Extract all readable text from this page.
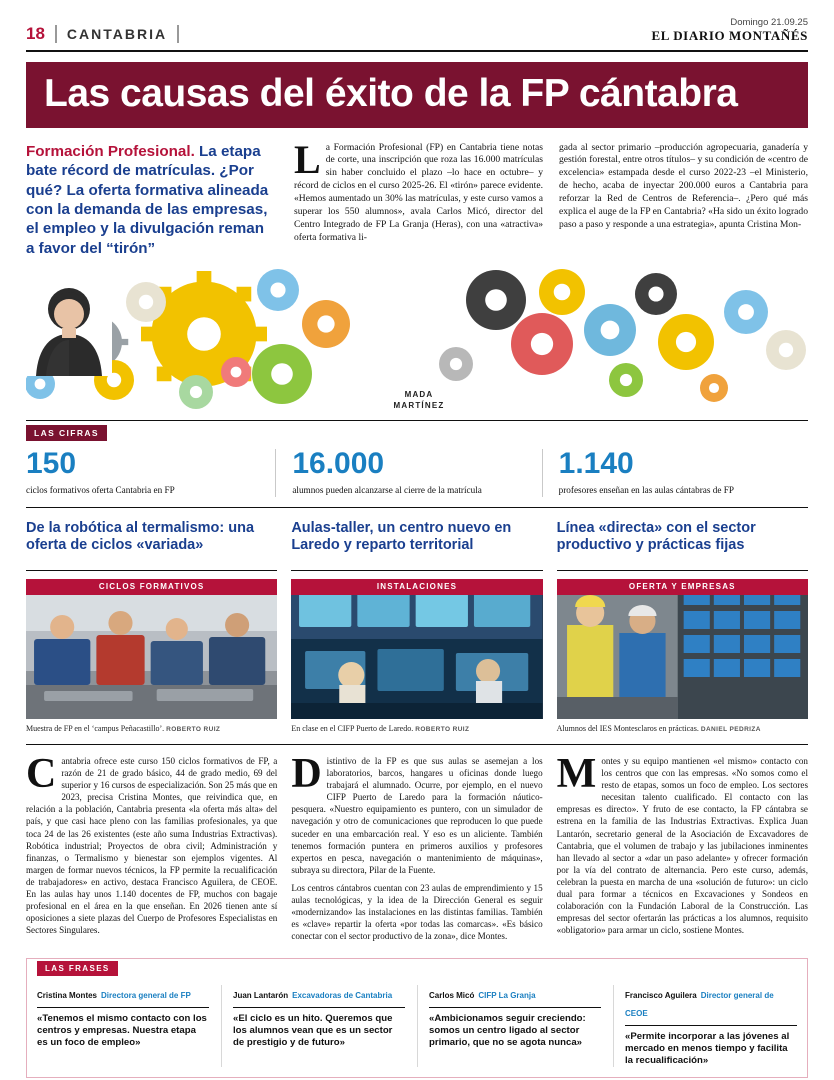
18 CANTABRIA
Domingo 21.09.25
EL DIARIO MONTAÑÉS
Las causas del éxito de la FP cántabra
Formación Profesional. La etapa bate récord de matrículas. ¿Por qué? La oferta formativa alineada con la demanda de las empresas, el empleo y la divulgación reman a favor del “tirón”
La Formación Profesional (FP) en Cantabria tiene notas de corte, una inscripción que roza las 16.000 matrículas sin haber concluido el plazo –lo hace en octubre– y récord de ciclos en el curso 2025-26. El «tirón» parece evidente. «Hemos aumentado un 30% las matrículas, y este curso vamos a superar los 550 alumnos», avala Carlos Micó, director del Centro Integrado de FP La Granja (Heras), con una «atractiva» oferta formativa li-
gada al sector primario –producción agropecuaria, ganadería y gestión forestal, entre otros títulos– y su condición de «centro de excelencia» estampada desde el curso 2022-23 –el Ministerio, de hecho, acaba de inyectar 200.000 euros a Cantabria para reforzar la Red de Centros de Referencia–. ¿Pero qué más explica el auge de la FP en Cantabria? «Ha sido un éxito logrado paso a paso y responde a una estrategia», apunta Cristina Mon-
MADA
MARTÍNEZ
LAS CIFRAS
150
ciclos formativos oferta Cantabria en FP
16.000
alumnos pueden alcanzarse al cierre de la matrícula
1.140
profesores enseñan en las aulas cántabras de FP
De la robótica al termalismo: una oferta de ciclos «variada»
CICLOS FORMATIVOS
Muestra de FP en el ‘campus Peñacastillo’. ROBERTO RUIZ
Aulas-taller, un centro nuevo en Laredo y reparto territorial
INSTALACIONES
En clase en el CIFP Puerto de Laredo. ROBERTO RUIZ
Línea «directa» con el sector productivo y prácticas fijas
OFERTA Y EMPRESAS
Alumnos del IES Montesclaros en prácticas. DANIEL PEDRIZA

Cantabria ofrece este curso 150 ciclos formativos de FP, a razón de 21 de grado básico, 44 de grado medio, 69 del superior y 16 cursos de especialización. Son 25 más que en 2023, precisa Cristina Montes, que reivindica que, en relación a la población, Cantabria presenta «la oferta más alta» del país, y que casi hace pleno con las familias profesionales, ya que toca 24 de las 26 existentes (este año suma Industrias Extractivas). Robótica industrial; Proyectos de obra civil; Administración y finanzas, o Termalismo y bienestar son ejemplos vigentes. Al margen de formar nuevos técnicos, la FP permite la recualificación de trabajadores» en activo, destaca Francisco Aguilera, de CEOE. En las aulas hay unos 1.140 docentes de FP, muchos con bagaje profesional en el área en la que enseñan. En 2026 tienen ante sí oposiciones a siete plazas del Cuerpo de Profesores Especialistas en Sectores Singulares.

Distintivo de la FP es que sus aulas se asemejan a los laboratorios, barcos, hangares u oficinas donde luego trabajará el alumnado. Ocurre, por ejemplo, en el nuevo CIFP Puerto de Laredo para la formación náutico-pesquera. «Nuestro equipamiento es puntero, con un simulador de navegación y otro de comunicaciones que reproducen lo que puede suceder en una embarcación real. Y eso es un aliciente. También tenemos formación puntera en primeros auxilios y profesores expertos en pesca, navegación o mantenimiento de máquinas», subraya su directora, Pilar de la Fuente.

Los centros cántabros cuentan con 23 aulas de emprendimiento y 15 aulas tecnológicas, y la idea de la Dirección General es seguir «modernizando» las instalaciones en las distintas familias. También es «clave» repartir la oferta «por todas las comarcas». «Es básico conectar con el sector productivo de la zona», dice Montes.

Montes y su equipo mantienen «el mismo» contacto con los centros que con las empresas. «No somos como el resto de etapas, somos un foco de empleo. Los sectores necesitan talento cualificado. El contacto con las empresas es directo». Y fruto de ese contacto, la FP cántabra se estrena en la familia de las Industrias Extractivas. Explica Juan Lantarón, secretario general de la Asociación de Excavadores de Cantabria, que el volumen de trabajo y las jubilaciones inminentes han llevado al sector a «dar un paso adelante» y ofrecer formación por la vía del contrato de alternancia. Pero este curso, además, celebran la puesta en marcha de una «solución de futuro»: un ciclo dual para formar a técnicos en Excavaciones y Sondeos en colaboración con la Fundación Laboral de la Construcción. Las empresas del sector ofertarán las prácticas a los alumnos, requisito «obligatorio» para armar un ciclo, sostiene Montes.

LAS FRASES
Cristina Montes Directora general de FP
«Tenemos el mismo contacto con los centros y empresas. Nuestra etapa es un foco de empleo»
Juan Lantarón Excavadoras de Cantabria
«El ciclo es un hito. Queremos que los alumnos vean que es un sector de prestigio y de futuro»
Carlos Micó CIFP La Granja
«Ambicionamos seguir creciendo: somos un centro ligado al sector primario, que no se agota nunca»
Francisco Aguilera Director general de CEOE
«Permite incorporar a las jóvenes al mercado en menos tiempo y facilita la recualificación»
